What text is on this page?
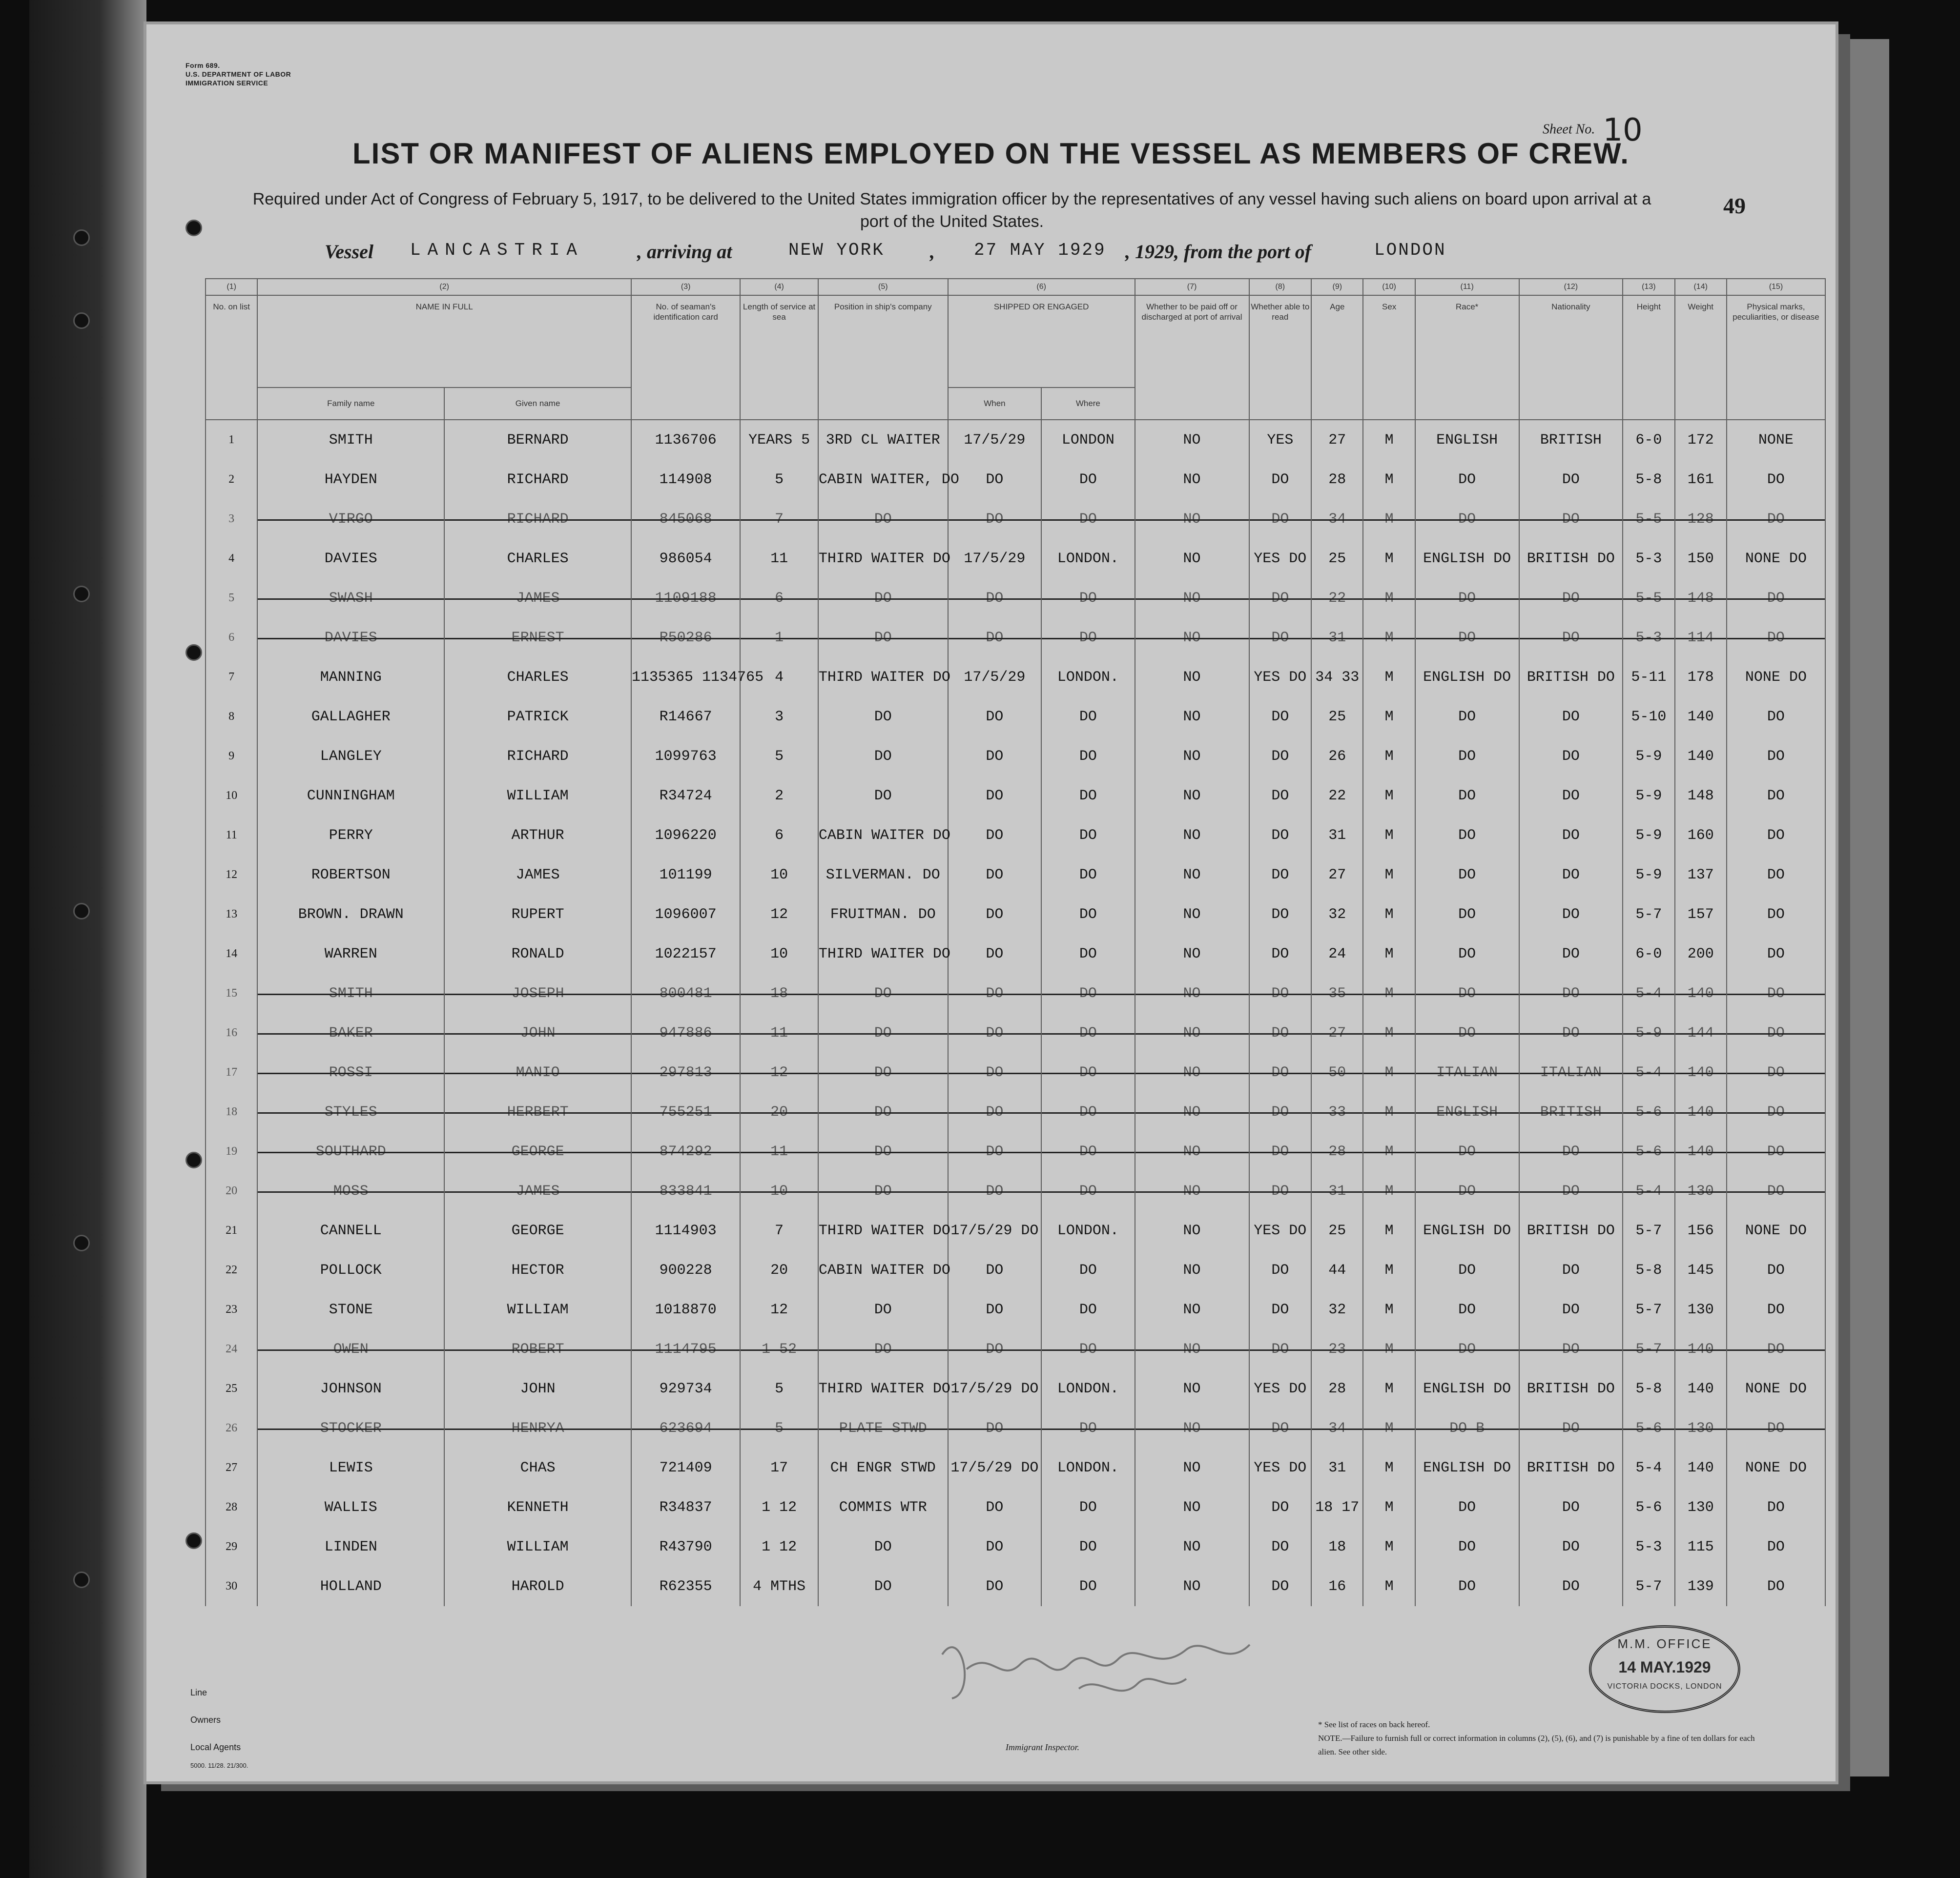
Form 689.
U.S. DEPARTMENT OF LABOR
IMMIGRATION SERVICE
Sheet No. 10
LIST OR MANIFEST OF ALIENS EMPLOYED ON THE VESSEL AS MEMBERS OF CREW.
Required under Act of Congress of February 5, 1917, to be delivered to the United States immigration officer by the representatives of any vessel having such aliens on board upon arrival at a port of the United States.
49
Vessel LANCASTRIA	, arriving at	NEW YORK , 27 MAY 1929 , 1929, from the port of	LONDON
(1)	(2)		(3)	(4)	(5)	(6)		(7)	(8)	(9)	(10)	(11)	(12)	(13)	(14)	(15)
No. on list	NAME IN FULL		No. of seaman's identification card	Length of service at sea	Position in ship's company	SHIPPED OR ENGAGED		Whether to be paid off or discharged at port of arrival	Whether able to read	Age	Sex	Race*	Nationality	Height	Weight	Physical marks, peculiarities, or disease
	Family name	Given name				When	Where									
1	SMITH	BERNARD	1136706	YEARS 5	3RD CL WAITER	17/5/29	LONDON	NO	YES	27	M	ENGLISH	BRITISH	6-0	172	NONE
2	HAYDEN	RICHARD	114908	5	CABIN WAITER, DO	DO	DO	NO	DO	28	M	DO	DO	5-8	161	DO
3	VIRGO	RICHARD	845068	7	DO	DO	DO	NO	DO	34	M	DO	DO	5-5	128	DO
4	DAVIES	CHARLES	986054	11	THIRD WAITER DO	17/5/29	LONDON.	NO	YES DO	25	M	ENGLISH DO	BRITISH DO	5-3	150	NONE DO
5	SWASH	JAMES	1109188	6	DO	DO	DO	NO	DO	22	M	DO	DO	5-5	148	DO
6	DAVIES	ERNEST	R50286	1	DO	DO	DO	NO	DO	31	M	DO	DO	5-3	114	DO
7	MANNING	CHARLES	1135365 1134765	4	THIRD WAITER DO	17/5/29	LONDON.	NO	YES DO	34 33	M	ENGLISH DO	BRITISH DO	5-11	178	NONE DO
8	GALLAGHER	PATRICK	R14667	3	DO	DO	DO	NO	DO	25	M	DO	DO	5-10	140	DO
9	LANGLEY	RICHARD	1099763	5	DO	DO	DO	NO	DO	26	M	DO	DO	5-9	140	DO
10	CUNNINGHAM	WILLIAM	R34724	2	DO	DO	DO	NO	DO	22	M	DO	DO	5-9	148	DO
11	PERRY	ARTHUR	1096220	6	CABIN WAITER DO	DO	DO	NO	DO	31	M	DO	DO	5-9	160	DO
12	ROBERTSON	JAMES	101199	10	SILVERMAN. DO	DO	DO	NO	DO	27	M	DO	DO	5-9	137	DO
13	BROWN. DRAWN	RUPERT	1096007	12	FRUITMAN. DO	DO	DO	NO	DO	32	M	DO	DO	5-7	157	DO
14	WARREN	RONALD	1022157	10	THIRD WAITER DO	DO	DO	NO	DO	24	M	DO	DO	6-0	200	DO
15	SMITH	JOSEPH	800481	18	DO	DO	DO	NO	DO	35	M	DO	DO	5-4	140	DO
16	BAKER	JOHN	947886	11	DO	DO	DO	NO	DO	27	M	DO	DO	5-9	144	DO
17	ROSSI	MANIO	297813	12	DO	DO	DO	NO	DO	50	M	ITALIAN	ITALIAN	5-4	140	DO
18	STYLES	HERBERT	755251	20	DO	DO	DO	NO	DO	33	M	ENGLISH	BRITISH	5-6	140	DO
19	SOUTHARD	GEORGE	874292	11	DO	DO	DO	NO	DO	28	M	DO	DO	5-6	140	DO
20	MOSS	JAMES	833841	10	DO	DO	DO	NO	DO	31	M	DO	DO	5-4	130	DO
21	CANNELL	GEORGE	1114903	7	THIRD WAITER DO	17/5/29 DO	LONDON.	NO	YES DO	25	M	ENGLISH DO	BRITISH DO	5-7	156	NONE DO
22	POLLOCK	HECTOR	900228	20	CABIN WAITER DO	DO	DO	NO	DO	44	M	DO	DO	5-8	145	DO
23	STONE	WILLIAM	1018870	12	DO	DO	DO	NO	DO	32	M	DO	DO	5-7	130	DO
24	OWEN	ROBERT	1114795	1 52	DO	DO	DO	NO	DO	23	M	DO	DO	5-7	140	DO
25	JOHNSON	JOHN	929734	5	THIRD WAITER DO	17/5/29 DO	LONDON.	NO	YES DO	28	M	ENGLISH DO	BRITISH DO	5-8	140	NONE DO
26	STOCKER	HENRYA	623694	5	PLATE STWD	DO	DO	NO	DO	34	M	DO B	DO	5-6	130	DO
27	LEWIS	CHAS	721409	17	CH ENGR STWD	17/5/29 DO	LONDON.	NO	YES DO	31	M	ENGLISH DO	BRITISH DO	5-4	140	NONE DO
28	WALLIS	KENNETH	R34837	1 12	COMMIS WTR	DO	DO	NO	DO	18 17	M	DO	DO	5-6	130	DO
29	LINDEN	WILLIAM	R43790	1 12	DO	DO	DO	NO	DO	18	M	DO	DO	5-3	115	DO
30	HOLLAND	HAROLD	R62355	4 MTHS	DO	DO	DO	NO	DO	16	M	DO	DO	5-7	139	DO
M.M. OFFICE
14 MAY.1929
VICTORIA DOCKS, LONDON
Line
Owners
Local Agents
5000. 11/28. 21/300.
Immigrant Inspector.
* See list of races on back hereof.
NOTE.—Failure to furnish full or correct information in columns (2), (5), (6), and (7) is punishable by a fine of ten dollars for each alien. See other side.
